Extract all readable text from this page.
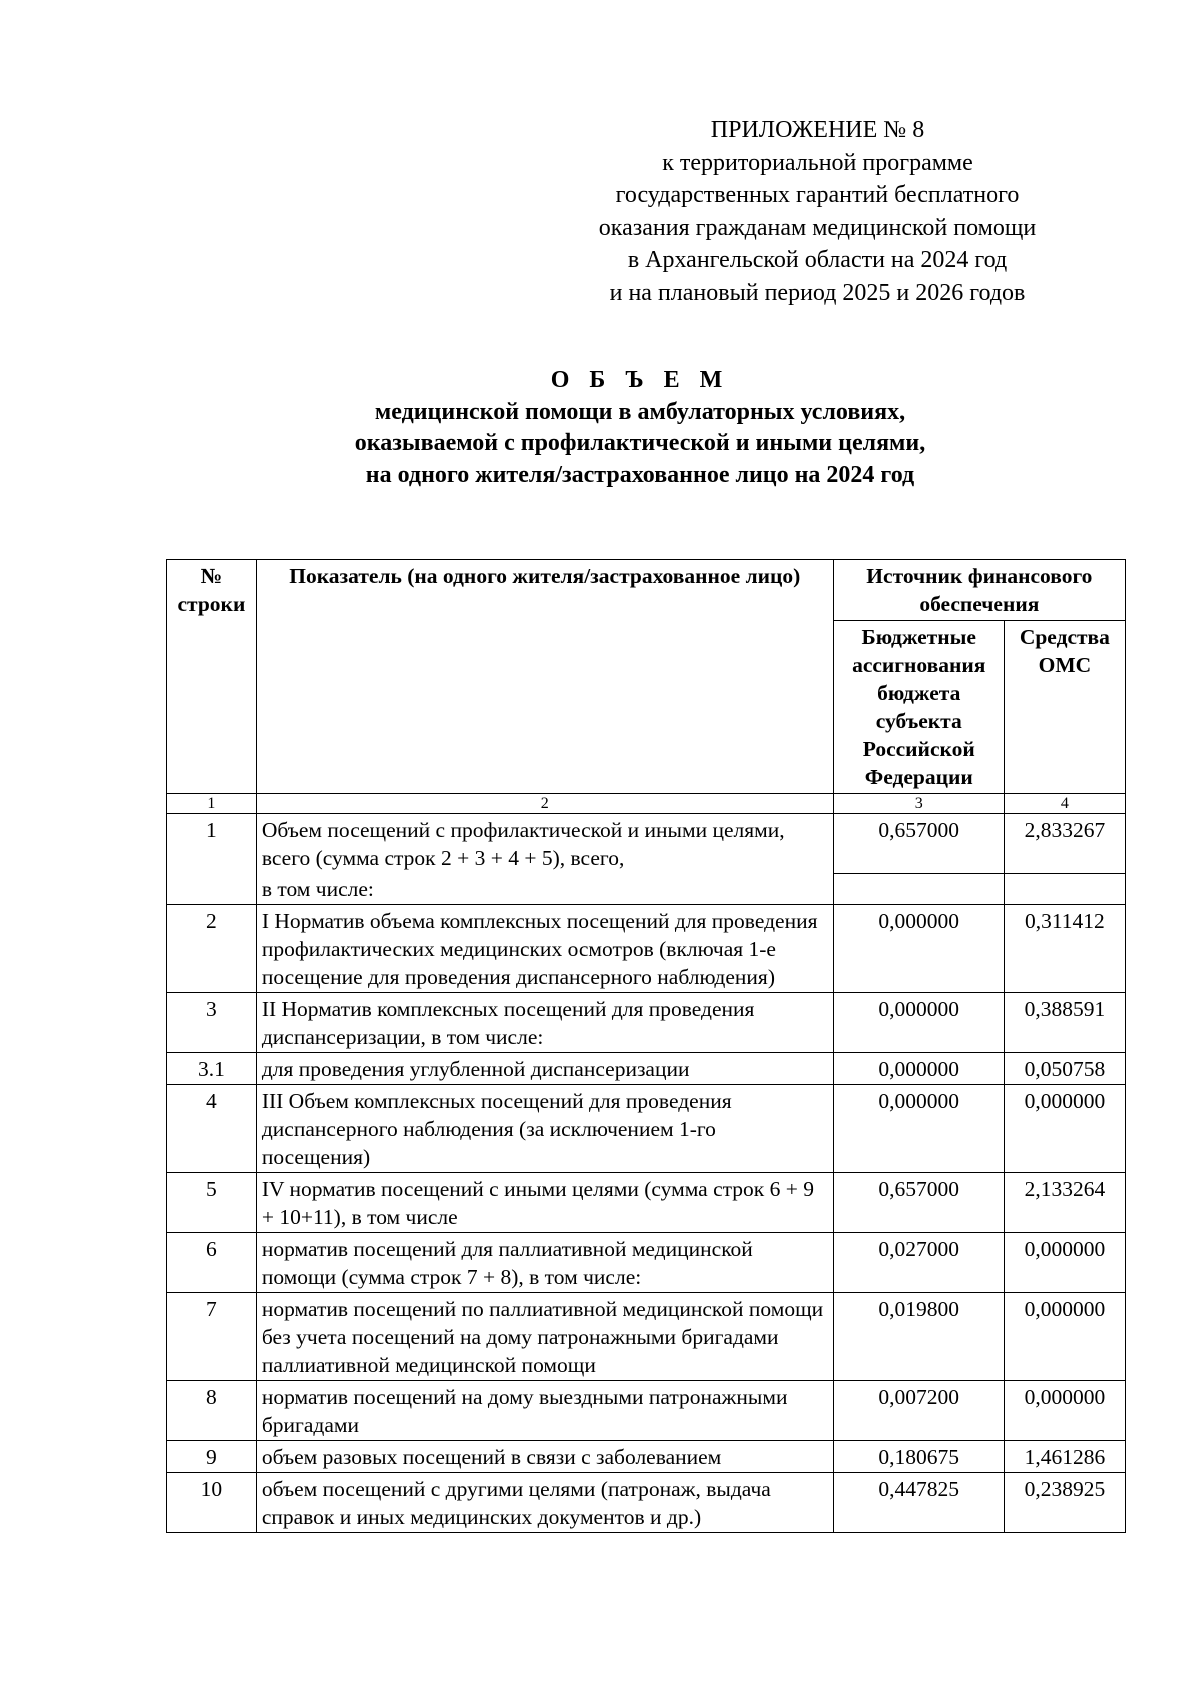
ПРИЛОЖЕНИЕ № 8
к территориальной программе
государственных гарантий бесплатного
оказания гражданам медицинской помощи
в Архангельской области на 2024 год
и на плановый период 2025 и 2026 годов
О Б Ъ Е М
медицинской помощи в амбулаторных условиях,
оказываемой с профилактической и иными целями,
на одного жителя/застрахованное лицо на 2024 год
№ строки	Показатель (на одного жителя/застрахованное лицо)	Источник финансового обеспечения	
		Бюджетные ассигнования бюджета субъекта Российской Федерации	Средства ОМС
1	2	3	4
1	Объем посещений с профилактической и иными целями, всего (сумма строк 2 + 3 + 4 + 5), всего,	0,657000	2,833267
	в том числе:		
2	I Норматив объема комплексных посещений для проведения профилактических медицинских осмотров (включая 1-е посещение для проведения диспансерного наблюдения)	0,000000	0,311412
3	II Норматив комплексных посещений для проведения диспансеризации, в том числе:	0,000000	0,388591
3.1	для проведения углубленной диспансеризации	0,000000	0,050758
4	III Объем комплексных посещений для проведения диспансерного наблюдения (за исключением 1-го посещения)	0,000000	0,000000
5	IV норматив посещений с иными целями (сумма строк 6 + 9 + 10+11), в том числе	0,657000	2,133264
6	норматив посещений для паллиативной медицинской помощи (сумма строк 7 + 8), в том числе:	0,027000	0,000000
7	норматив посещений по паллиативной медицинской помощи без учета посещений на дому патронажными бригадами паллиативной медицинской помощи	0,019800	0,000000
8	норматив посещений на дому выездными патронажными бригадами	0,007200	0,000000
9	объем разовых посещений в связи с заболеванием	0,180675	1,461286
10	объем посещений с другими целями (патронаж, выдача справок и иных медицинских документов и др.)	0,447825	0,238925
